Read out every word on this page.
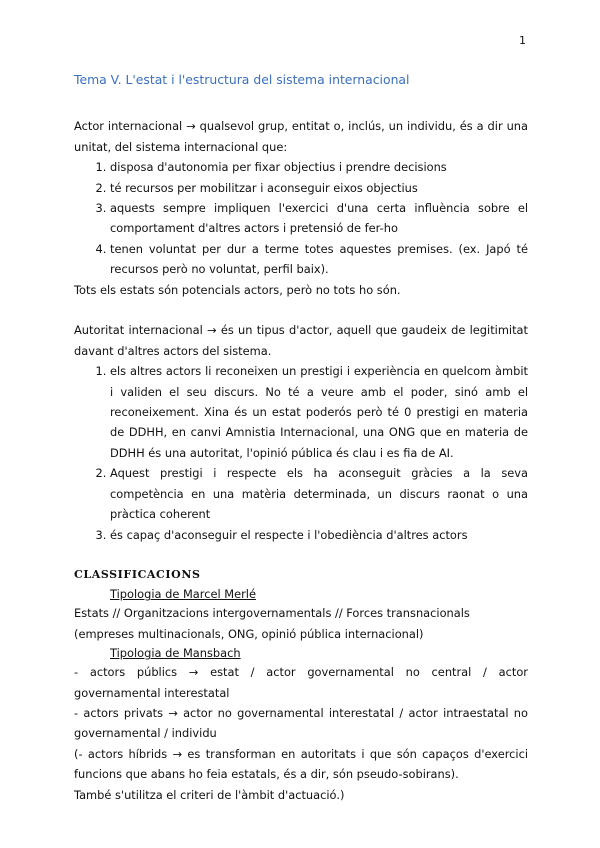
1

Tema V. L'estat i l'estructura del sistema internacional

Actor internacional → qualsevol grup, entitat o, inclús, un individu, és a dir una unitat, del sistema internacional que:

1. disposa d'autonomia per fixar objectius i prendre decisions
2. té recursos per mobilitzar i aconseguir eixos objectius
3. aquests sempre impliquen l'exercici d'una certa influència sobre el comportament d'altres actors i pretensió de fer-ho
4. tenen voluntat per dur a terme totes aquestes premises. (ex. Japó té recursos però no voluntat, perfil baix).

Tots els estats són potencials actors, però no tots ho són.

Autoritat internacional → és un tipus d'actor, aquell que gaudeix de legitimitat davant d'altres actors del sistema.

1. els altres actors li reconeixen un prestigi i experiència en quelcom àmbit i validen el seu discurs. No té a veure amb el poder, sinó amb el reconeixement. Xina és un estat poderós però té 0 prestigi en materia de DDHH, en canvi Amnistia Internacional, una ONG que en materia de DDHH és una autoritat, l'opinió pública és clau i es fia de AI.
2. Aquest prestigi i respecte els ha aconseguit gràcies a la seva competència en una matèria determinada, un discurs raonat o una pràctica coherent
3. és capaç d'aconseguir el respecte i l'obediència d'altres actors

CLASSIFICACIONS

Tipologia de Marcel Merlé

Estats // Organitzacions intergovernamentals // Forces transnacionals (empreses multinacionals, ONG, opinió pública internacional)

Tipologia de Mansbach

- actors públics → estat / actor governamental no central / actor governamental interestatal

- actors privats → actor no governamental interestatal / actor intraestatal no governamental / individu

(- actors híbrids → es transforman en autoritats i que són capaços d'exercici funcions que abans ho feia estatals, és a dir, són pseudo-sobirans).

També s'utilitza el criteri de l'àmbit d'actuació.)
